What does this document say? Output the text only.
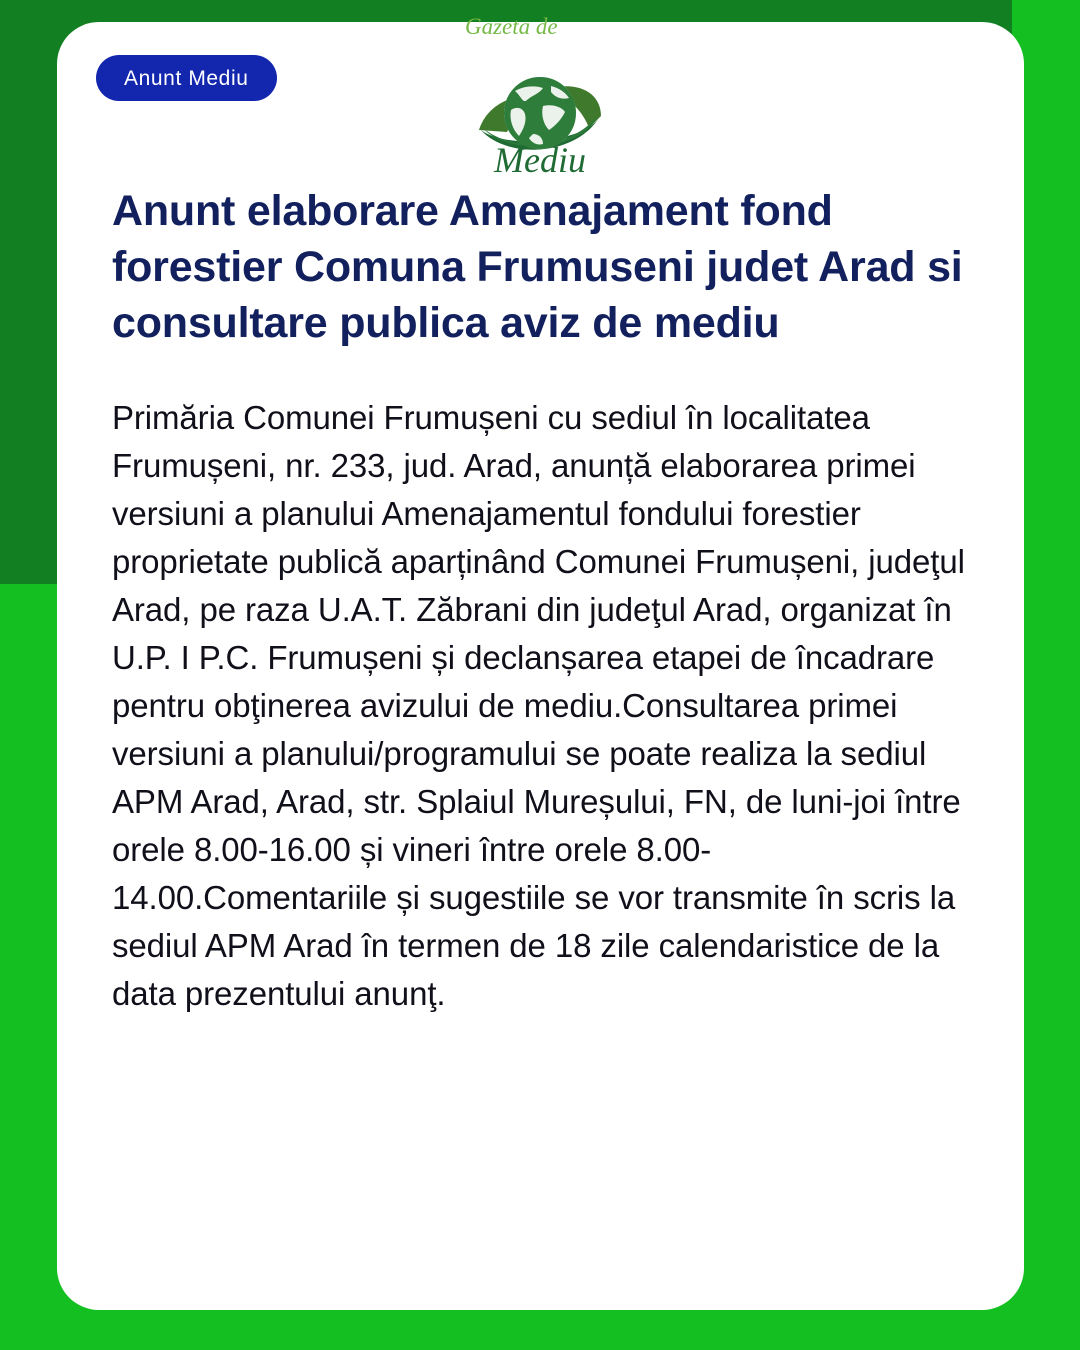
Anunt Mediu
Gazeta de
Mediu
Anunt elaborare Amenajament fond forestier Comuna Frumuseni judet Arad si consultare publica aviz de mediu

Primăria Comunei Frumușeni cu sediul în localitatea Frumușeni, nr. 233, jud. Arad, anunță elaborarea primei versiuni a planului Amenajamentul fondului forestier proprietate publică aparținând Comunei Frumușeni, judeţul Arad, pe raza U.A.T. Zăbrani din judeţul Arad, organizat în U.P. I P.C. Frumușeni și declanșarea etapei de încadrare pentru obţinerea avizului de mediu.Consultarea primei versiuni a planului/programului se poate realiza la sediul APM Arad, Arad, str. Splaiul Mureșului, FN, de luni-joi între orele 8.00-16.00 și vineri între orele 8.00-14.00.Comentariile și sugestiile se vor transmite în scris la sediul APM Arad în termen de 18 zile calendaristice de la data prezentului anunţ.
